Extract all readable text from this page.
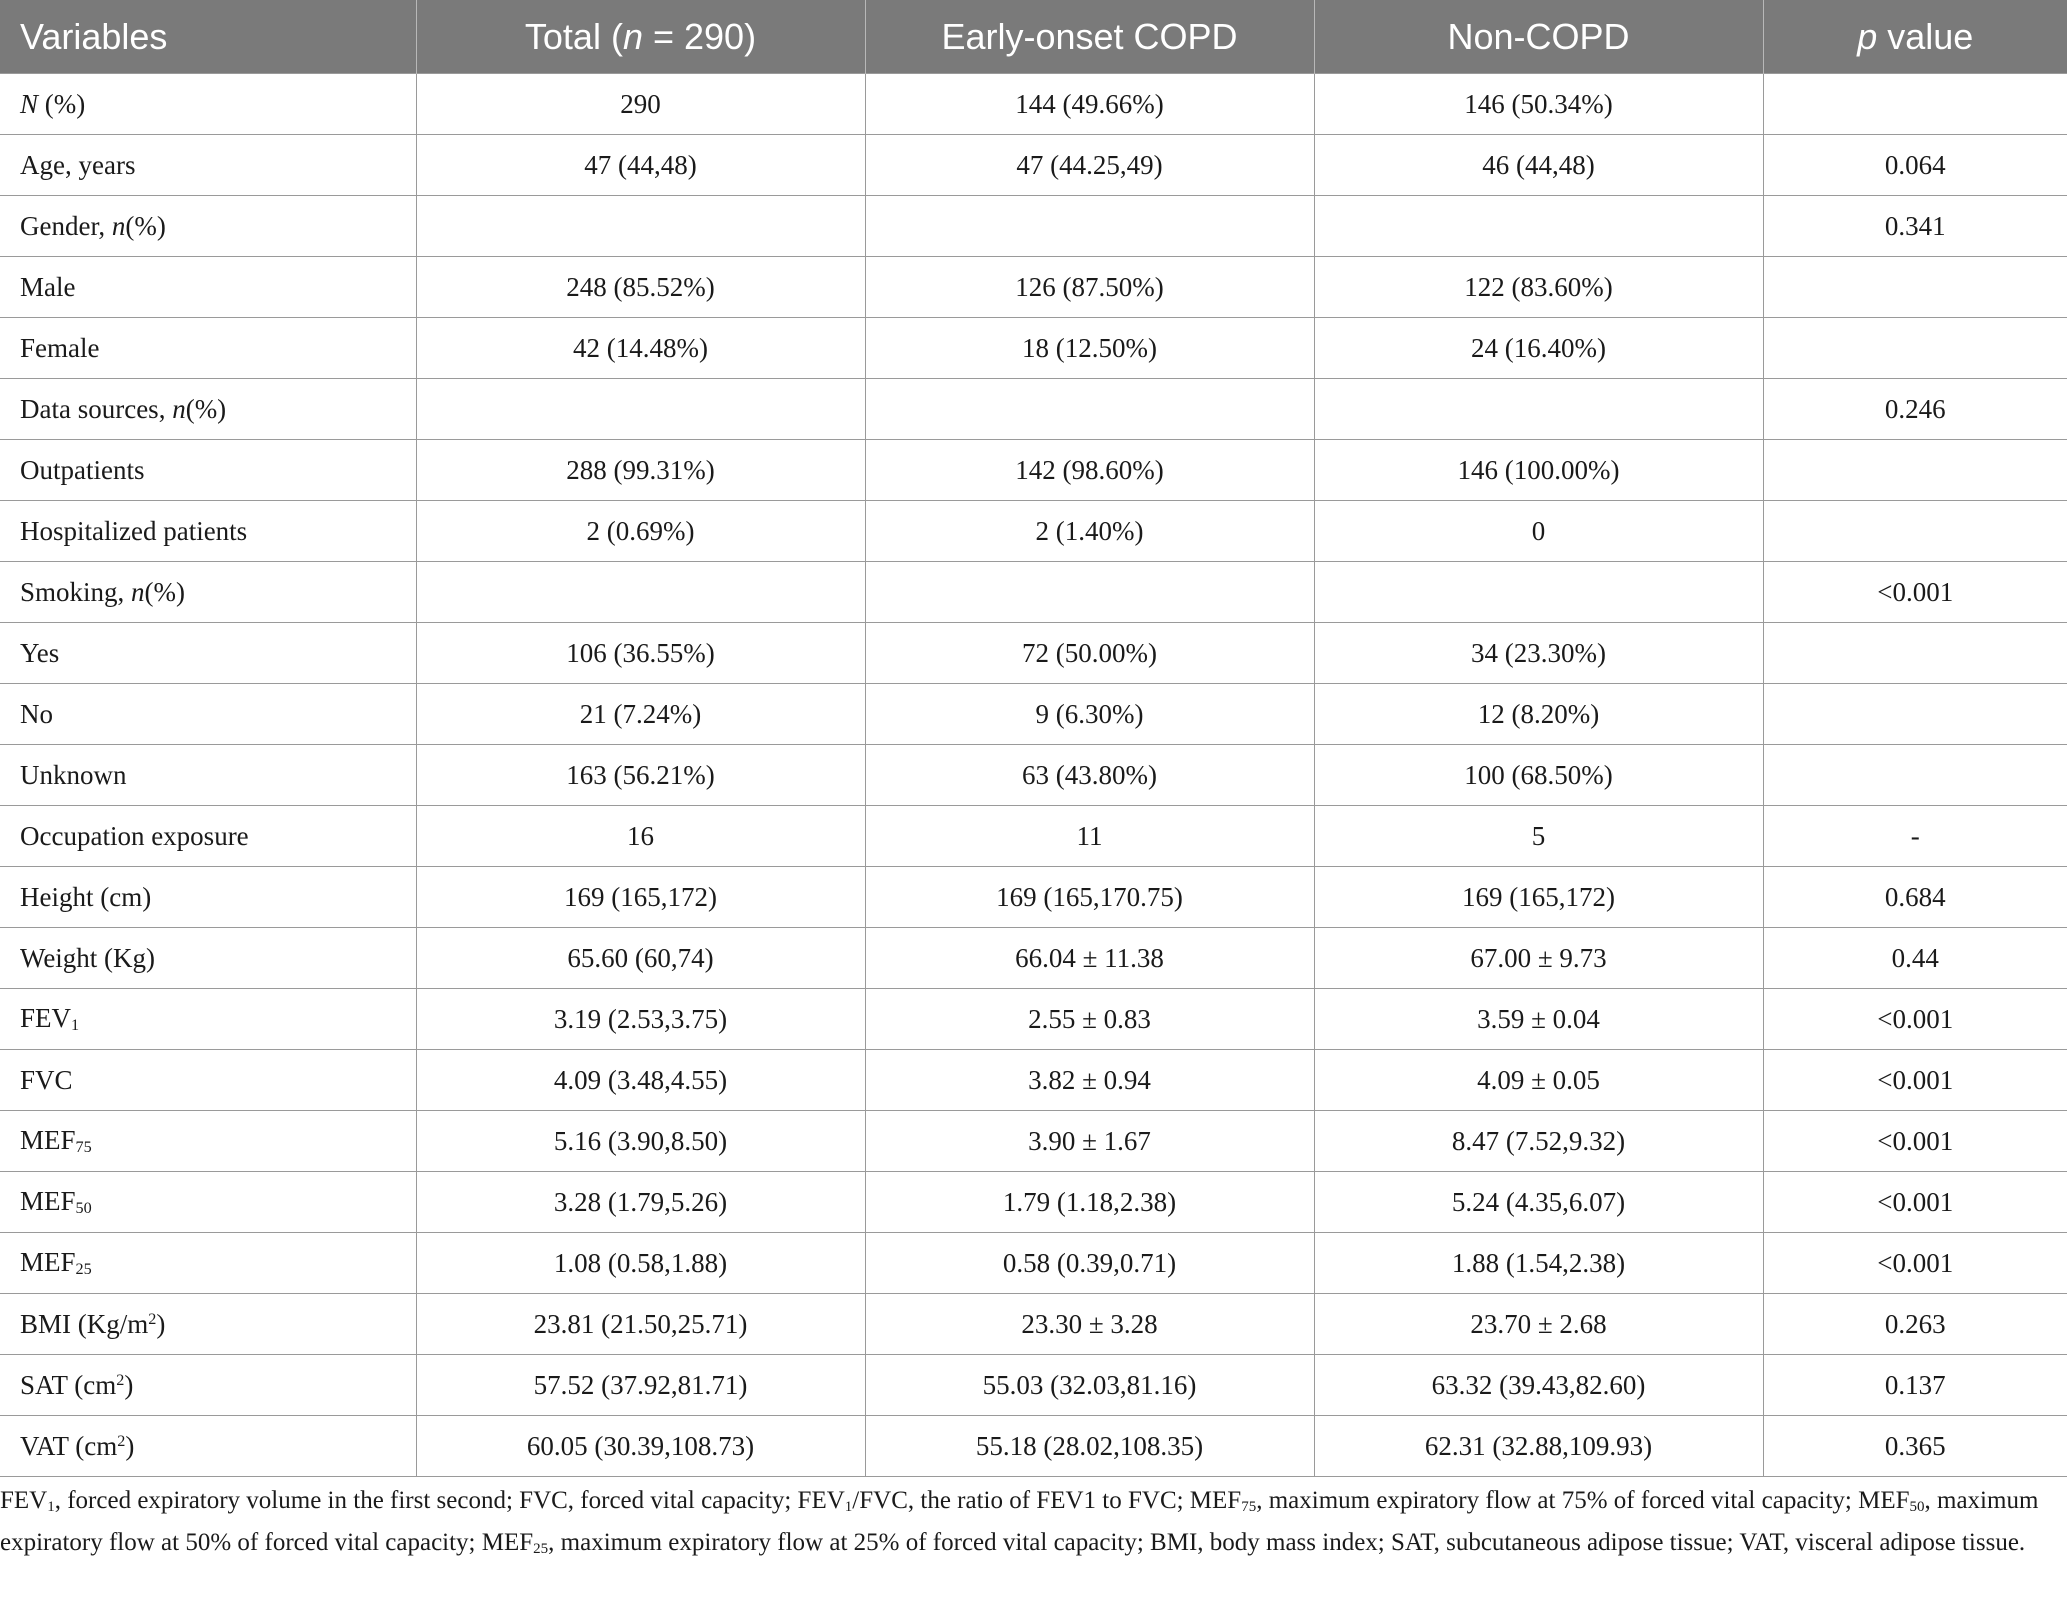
Variables	Total (n = 290)	Early-onset COPD	Non-COPD	p value
N (%)	290	144 (49.66%)	146 (50.34%)	
Age, years	47 (44,48)	47 (44.25,49)	46 (44,48)	0.064
Gender, n(%)				0.341
Male	248 (85.52%)	126 (87.50%)	122 (83.60%)	
Female	42 (14.48%)	18 (12.50%)	24 (16.40%)	
Data sources, n(%)				0.246
Outpatients	288 (99.31%)	142 (98.60%)	146 (100.00%)	
Hospitalized patients	2 (0.69%)	2 (1.40%)	0	
Smoking, n(%)				<0.001
Yes	106 (36.55%)	72 (50.00%)	34 (23.30%)	
No	21 (7.24%)	9 (6.30%)	12 (8.20%)	
Unknown	163 (56.21%)	63 (43.80%)	100 (68.50%)	
Occupation exposure	16	11	5	-
Height (cm)	169 (165,172)	169 (165,170.75)	169 (165,172)	0.684
Weight (Kg)	65.60 (60,74)	66.04 ± 11.38	67.00 ± 9.73	0.44
$FEV_1$	3.19 (2.53,3.75)	2.55 ± 0.83	3.59 ± 0.04	<0.001
FVC	4.09 (3.48,4.55)	3.82 ± 0.94	4.09 ± 0.05	<0.001
$MEF_{75}$	5.16 (3.90,8.50)	3.90 ± 1.67	8.47 (7.52,9.32)	<0.001
$MEF_{50}$	3.28 (1.79,5.26)	1.79 (1.18,2.38)	5.24 (4.35,6.07)	<0.001
$MEF_{25}$	1.08 (0.58,1.88)	0.58 (0.39,0.71)	1.88 (1.54,2.38)	<0.001
BMI $(Kg/m^2)$	23.81 (21.50,25.71)	23.30 ± 3.28	23.70 ± 2.68	0.263
SAT $(cm^2)$	57.52 (37.92,81.71)	55.03 (32.03,81.16)	63.32 (39.43,82.60)	0.137
VAT $(cm^2)$	60.05 (30.39,108.73)	55.18 (28.02,108.35)	62.31 (32.88,109.93)	0.365
$FEV_1$, forced expiratory volume in the first second; FVC, forced vital capacity; $FEV_1$/FVC, the ratio of FEV1 to FVC; $MEF_{75}$, maximum expiratory flow at 75% of forced vital capacity; $MEF_{50}$, maximum expiratory flow at 50% of forced vital capacity; $MEF_{25}$, maximum expiratory flow at 25% of forced vital capacity; BMI, body mass index; SAT, subcutaneous adipose tissue; VAT, visceral adipose tissue.
